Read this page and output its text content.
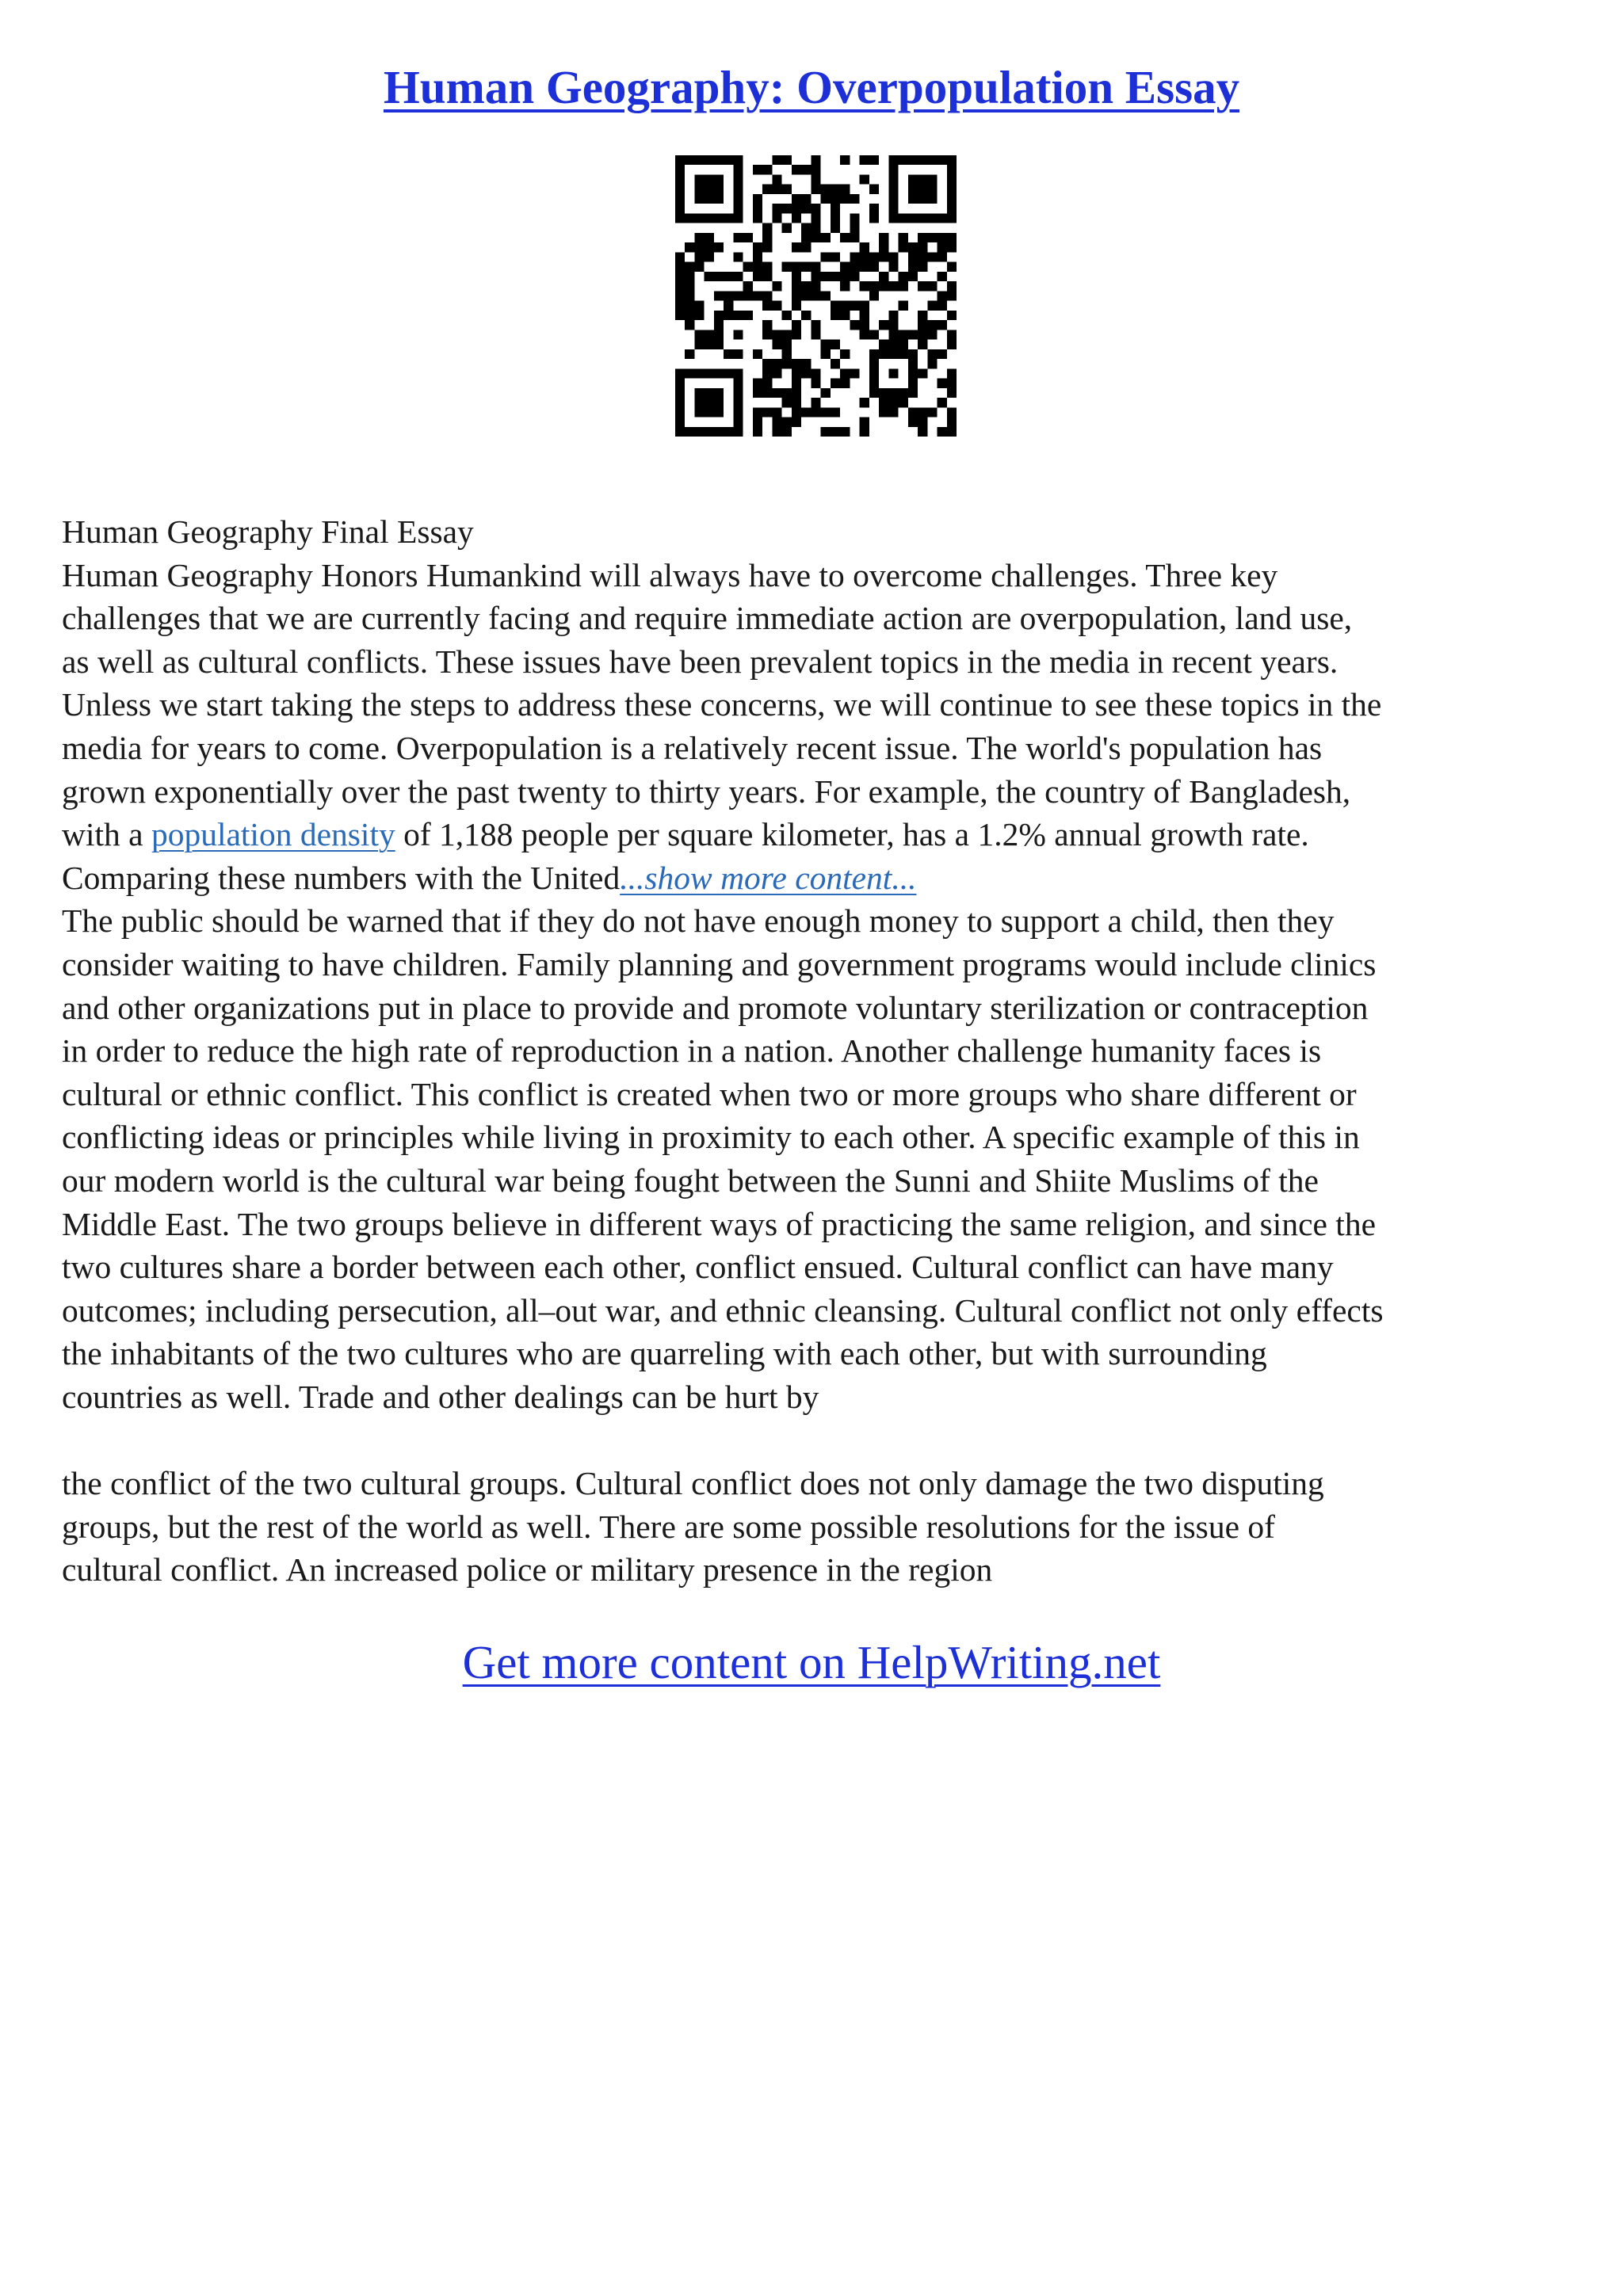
Human Geography: Overpopulation Essay
Human Geography Final Essay
Human Geography Honors Humankind will always have to overcome challenges. Three key
challenges that we are currently facing and require immediate action are overpopulation, land use,
as well as cultural conflicts. These issues have been prevalent topics in the media in recent years.
Unless we start taking the steps to address these concerns, we will continue to see these topics in the
media for years to come. Overpopulation is a relatively recent issue. The world's population has
grown exponentially over the past twenty to thirty years. For example, the country of Bangladesh,
with a population density of 1,188 people per square kilometer, has a 1.2% annual growth rate.
Comparing these numbers with the United...show more content...
The public should be warned that if they do not have enough money to support a child, then they
consider waiting to have children. Family planning and government programs would include clinics
and other organizations put in place to provide and promote voluntary sterilization or contraception
in order to reduce the high rate of reproduction in a nation. Another challenge humanity faces is
cultural or ethnic conflict. This conflict is created when two or more groups who share different or
conflicting ideas or principles while living in proximity to each other. A specific example of this in
our modern world is the cultural war being fought between the Sunni and Shiite Muslims of the
Middle East. The two groups believe in different ways of practicing the same religion, and since the
two cultures share a border between each other, conflict ensued. Cultural conflict can have many
outcomes; including persecution, all–out war, and ethnic cleansing. Cultural conflict not only effects
the inhabitants of the two cultures who are quarreling with each other, but with surrounding
countries as well. Trade and other dealings can be hurt by
the conflict of the two cultural groups. Cultural conflict does not only damage the two disputing
groups, but the rest of the world as well. There are some possible resolutions for the issue of
cultural conflict. An increased police or military presence in the region
Get more content on HelpWriting.net
